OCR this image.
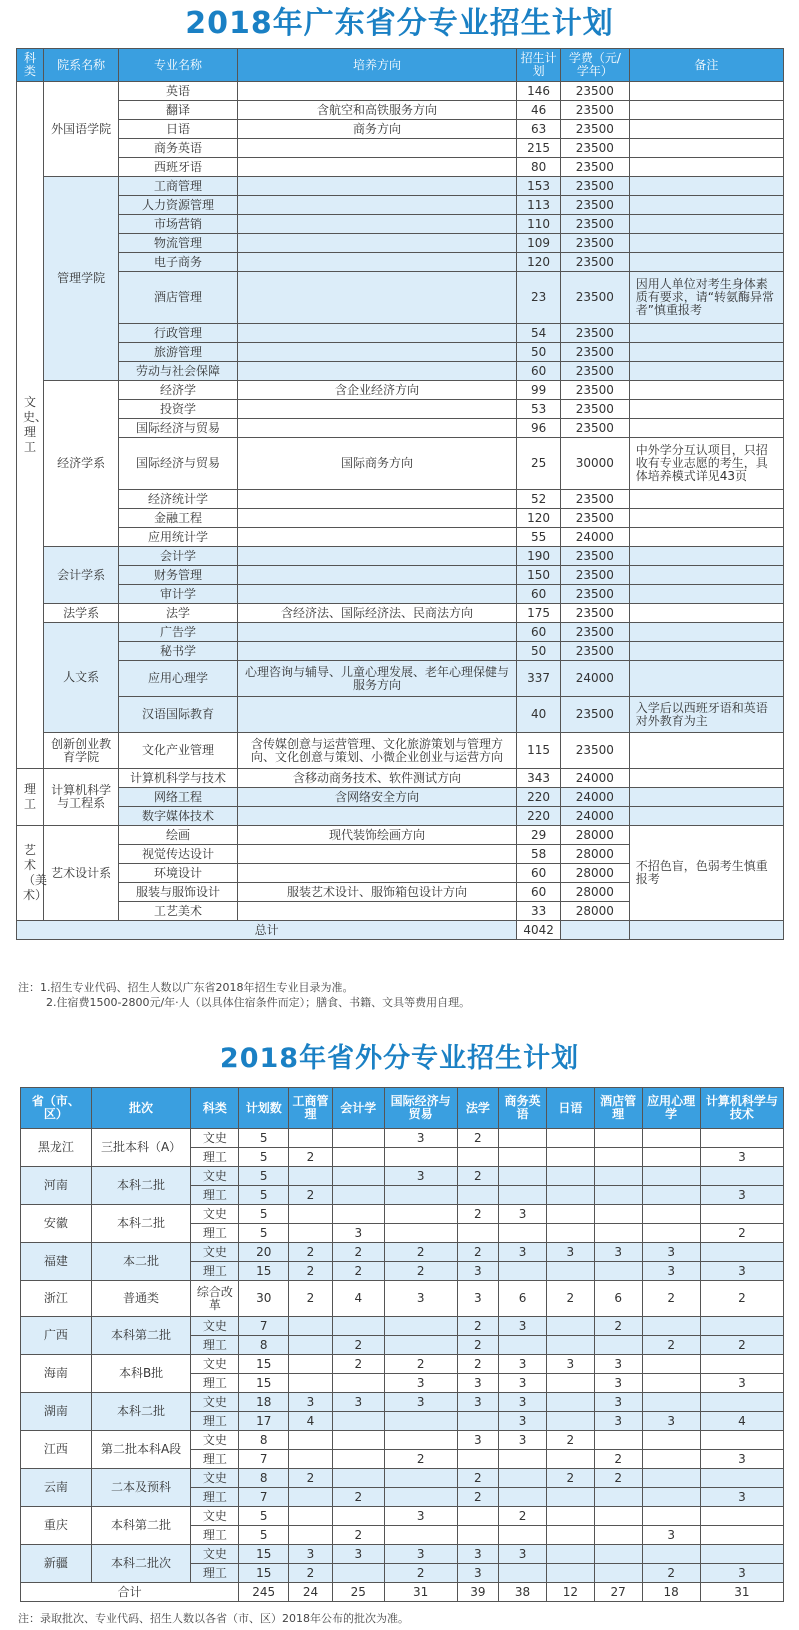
2018年广东省分专业招生计划
科类	院系名称	专业名称	培养方向	招生计划	学费（元/学年）	备注
文史、理工	外国语学院	英语		146	23500	
		翻译	含航空和高铁服务方向	46	23500	
		日语	商务方向	63	23500	
		商务英语		215	23500	
		西班牙语		80	23500	
	管理学院	工商管理		153	23500	
		人力资源管理		113	23500	
		市场营销		110	23500	
		物流管理		109	23500	
		电子商务		120	23500	
		酒店管理		23	23500	因用人单位对考生身体素质有要求，请“转氨酶异常者”慎重报考
		行政管理		54	23500	
		旅游管理		50	23500	
		劳动与社会保障		60	23500	
	经济学系	经济学	含企业经济方向	99	23500	
		投资学		53	23500	
		国际经济与贸易		96	23500	
		国际经济与贸易	国际商务方向	25	30000	中外学分互认项目，只招收有专业志愿的考生，具体培养模式详见43页
		经济统计学		52	23500	
		金融工程		120	23500	
		应用统计学		55	24000	
	会计学系	会计学		190	23500	
		财务管理		150	23500	
		审计学		60	23500	
	法学系	法学	含经济法、国际经济法、民商法方向	175	23500	
	人文系	广告学		60	23500	
		秘书学		50	23500	
		应用心理学	心理咨询与辅导、儿童心理发展、老年心理保健与服务方向	337	24000	
		汉语国际教育		40	23500	入学后以西班牙语和英语对外教育为主
	创新创业教育学院	文化产业管理	含传媒创意与运营管理、文化旅游策划与管理方向、文化创意与策划、小微企业创业与运营方向	115	23500	
理工	计算机科学与工程系	计算机科学与技术	含移动商务技术、软件测试方向	343	24000	
		网络工程	含网络安全方向	220	24000	
		数字媒体技术		220	24000	
艺术（美术）	艺术设计系	绘画	现代装饰绘画方向	29	28000	不招色盲，色弱考生慎重报考
		视觉传达设计		58	28000	
		环境设计		60	28000	
		服装与服饰设计	服装艺术设计、服饰箱包设计方向	60	28000	
		工艺美术		33	28000	
总计				4042		
注：1.招生专业代码、招生人数以广东省2018年招生专业目录为准。
2.住宿费1500-2800元/年·人（以具体住宿条件而定）；膳食、书籍、文具等费用自理。
2018年省外分专业招生计划
省（市、区）	批次	科类	计划数	工商管理	会计学	国际经济与贸易	法学	商务英语	日语	酒店管理	应用心理学	计算机科学与技术
黑龙江	三批本科（A）	文史	5			3	2					
		理工	5	2								3
河南	本科二批	文史	5			3	2					
		理工	5	2								3
安徽	本科二批	文史	5				2	3				
		理工	5		3							2
福建	本二批	文史	20	2	2	2	2	3	3	3	3	
		理工	15	2	2	2	3				3	3
浙江	普通类	综合改革	30	2	4	3	3	6	2	6	2	2
广西	本科第二批	文史	7				2	3		2		
		理工	8		2		2				2	2
海南	本科B批	文史	15		2	2	2	3	3	3		
		理工	15			3	3	3		3		3
湖南	本科二批	文史	18	3	3	3	3	3		3		
		理工	17	4				3		3	3	4
江西	第二批本科A段	文史	8				3	3	2			
		理工	7			2				2		3
云南	二本及预科	文史	8	2			2		2	2		
		理工	7		2		2					3
重庆	本科第二批	文史	5			3		2				
		理工	5		2						3	
新疆	本科二批次	文史	15	3	3	3	3	3				
		理工	15	2		2	3				2	3
合计			245	24	25	31	39	38	12	27	18	31
注：录取批次、专业代码、招生人数以各省（市、区）2018年公布的批次为准。
